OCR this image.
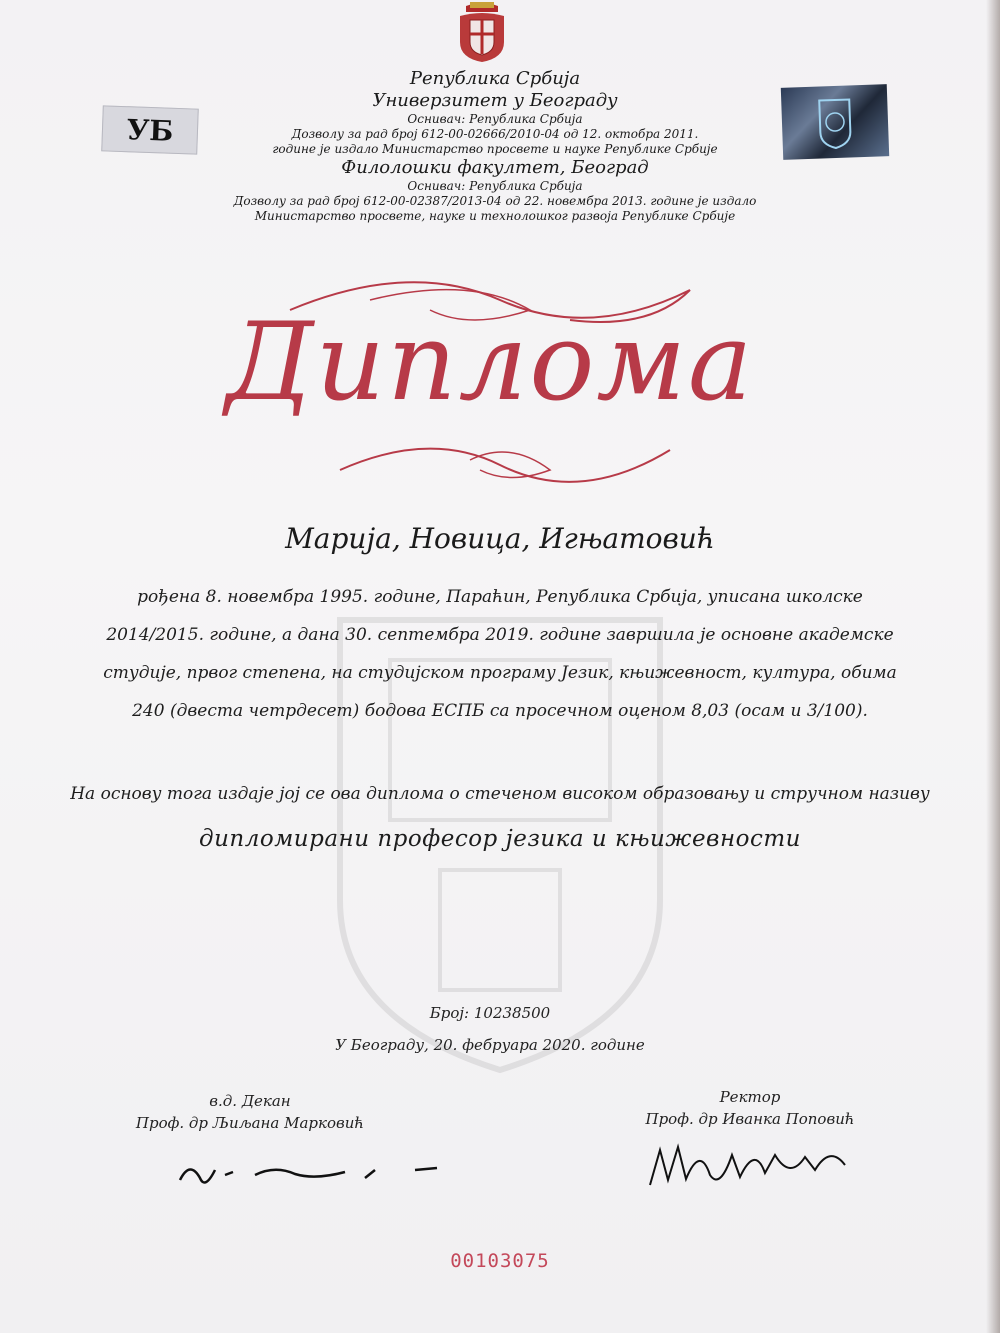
УБ
Република Србија
Универзитет у Београду
Оснивач: Република Србија
Дозволу за рад број 612-00-02666/2010-04 од 12. октобра 2011.
године је издало Министарство просвете и науке Републике Србије
Филолошки факултет, Београд
Оснивач: Република Србија
Дозволу за рад број 612-00-02387/2013-04 од 22. новембра 2013. године је издало
Министарство просвете, науке и технолошког развоја Републике Србије
Диплома
Марија, Новица, Игњатовић
рођена 8. новембра 1995. године, Параћин, Република Србија, уписана школске
2014/2015. године, а дана 30. септембра 2019. године завршила је основне академске
студије, првог степена, на студијском програму Језик, књижевност, култура, обима
240 (двеста четрдесет) бодова ЕСПБ са просечном оценом 8,03 (осам и 3/100).
На основу тога издаје јој се ова диплома о стеченом високом образовању и стручном називу
дипломирани професор језика и књижевности
Број: 10238500
У Београду, 20. фебруара 2020. године
в.д. Декан
Проф. др Љиљана Марковић
Ректор
Проф. др Иванка Поповић
00103075
